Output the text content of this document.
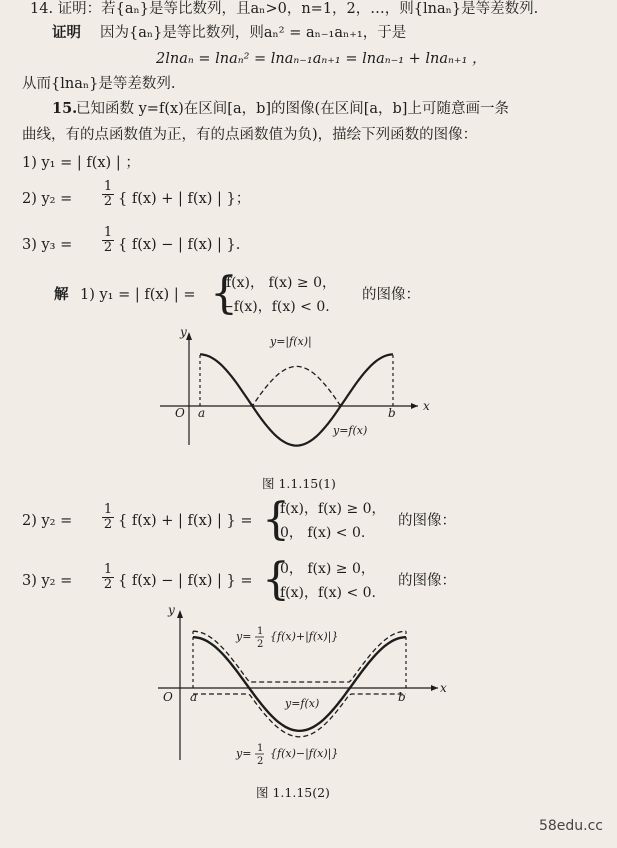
14. 证明：若{aₙ}是等比数列，且aₙ>0，n=1，2，…，则{lnaₙ}是等差数列.
证明 因为{aₙ}是等比数列，则aₙ² = aₙ₋₁aₙ₊₁，于是
2lnaₙ = lnaₙ² = lnaₙ₋₁aₙ₊₁ = lnaₙ₋₁ + lnaₙ₊₁ ，
从而{lnaₙ}是等差数列.
15.
已知函数 y=f(x)在区间[a，b]的图像(在区间[a，b]上可随意画一条
曲线，有的点函数值为正，有的点函数值为负)，描绘下列函数的图像：
1) y₁ = | f(x) | ；
2) $y_2 = \frac{1}{2}$ { f(x) + | f(x) | }；
3) $y_3 = \frac{1}{2}$ { f(x) − | f(x) | }.
解 1) y₁ = | f(x) | = {
f(x)， f(x) ≥ 0，
−f(x)，f(x) < 0.
的图像：
y
x
O a	b
y=|f(x)|
y=f(x)
图 1.1.15(1)
2) $y_2 = \frac{1}{2}$ { f(x) + | f(x) | } = {
f(x)，f(x) ≥ 0，
0， f(x) < 0.
的图像：
3) $y_2 = \frac{1}{2}$ { f(x) − | f(x) | } = {
0， f(x) ≥ 0，
f(x)，f(x) < 0.
的图像：
y
x
O a	b
y=f(x)
y= 1
2
{f(x)+|f(x)|}
y= 1
2
{f(x)−|f(x)|}
图 1.1.15(2)
58edu.cc
